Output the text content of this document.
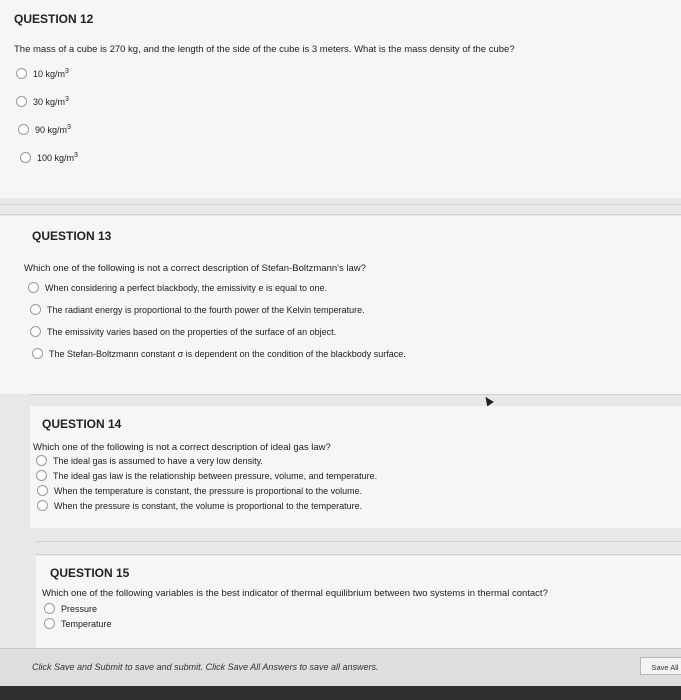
QUESTION 12
The mass of a cube is 270 kg, and the length of the side of the cube is 3 meters. What is the mass density of the cube?
10 $kg/m^3$
30 $kg/m^3$
90 $kg/m^3$
100 $kg/m^3$
QUESTION 13
Which one of the following is not a correct description of Stefan-Boltzmann's law?
When considering a perfect blackbody, the emissivity e is equal to one.
The radiant energy is proportional to the fourth power of the Kelvin temperature.
The emissivity varies based on the properties of the surface of an object.
The Stefan-Boltzmann constant σ is dependent on the condition of the blackbody surface.
QUESTION 14
Which one of the following is not a correct description of ideal gas law?
The ideal gas is assumed to have a very low density.
The ideal gas law is the relationship between pressure, volume, and temperature.
When the temperature is constant, the pressure is proportional to the volume.
When the pressure is constant, the volume is proportional to the temperature.
QUESTION 15
Which one of the following variables is the best indicator of thermal equilibrium between two systems in thermal contact?
Pressure
Temperature
Click Save and Submit to save and submit. Click Save All Answers to save all answers.	Save All
